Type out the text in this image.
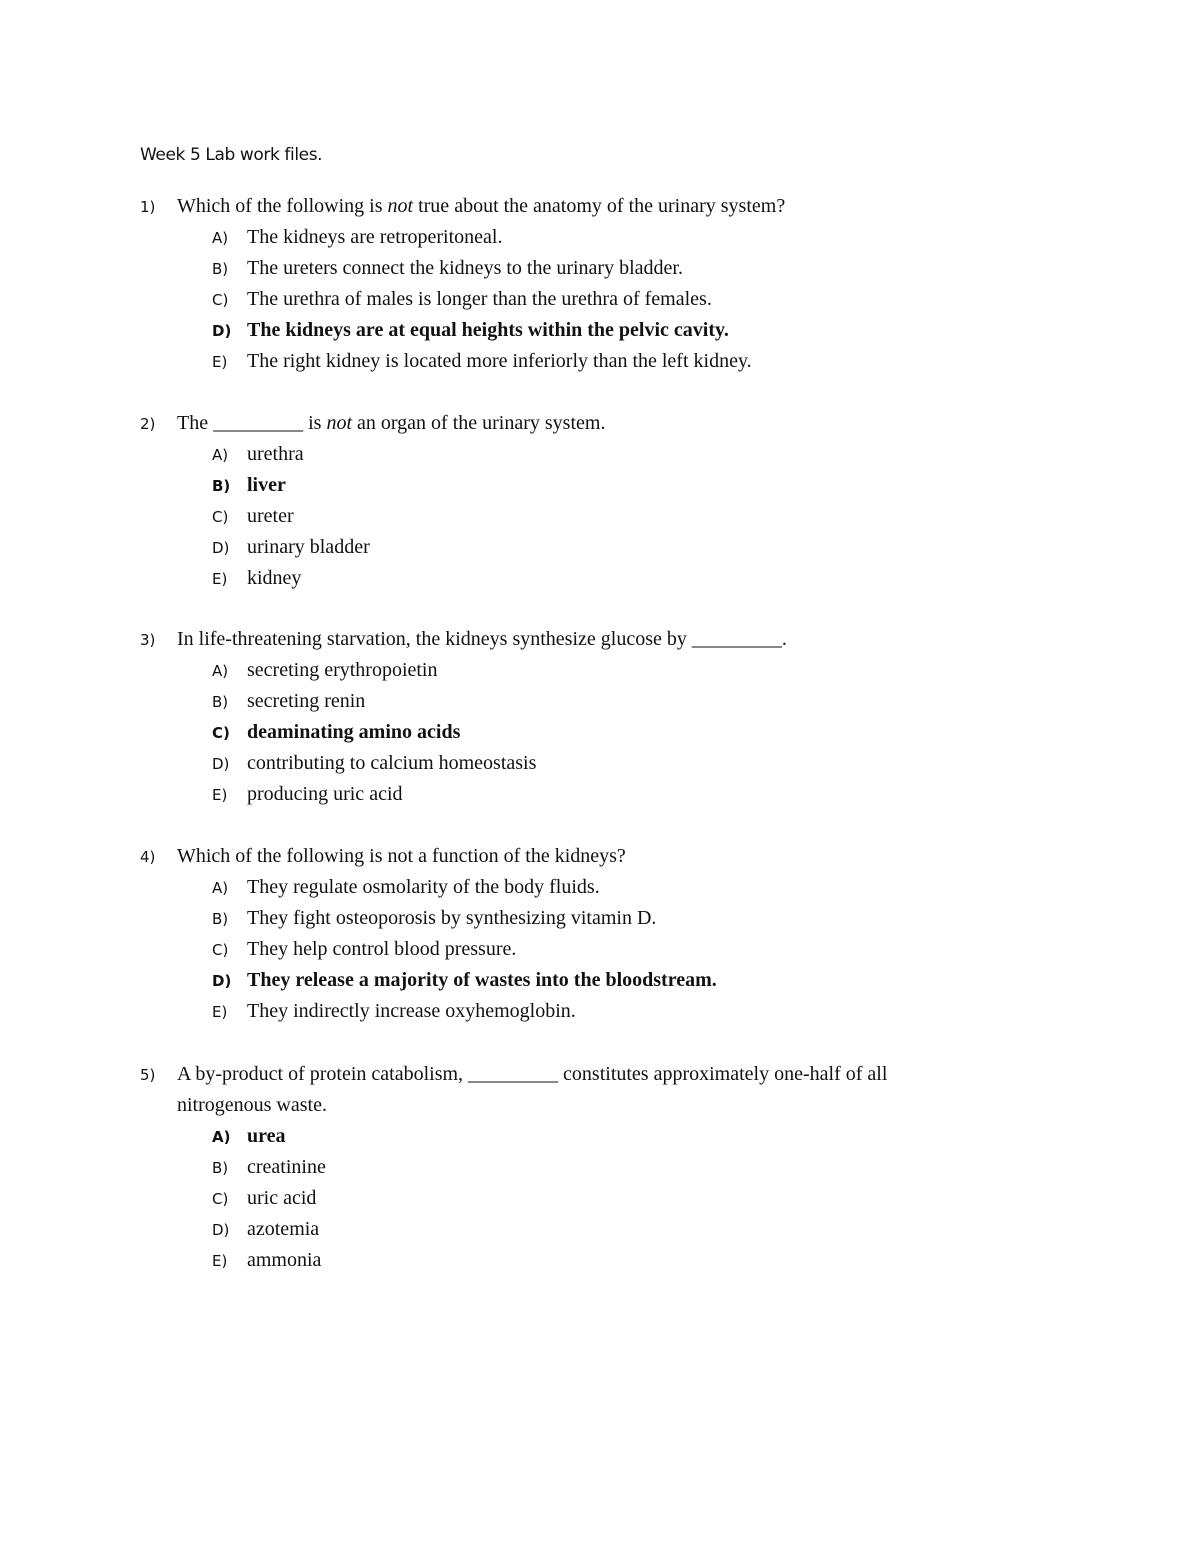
Week 5 Lab work files.
1) Which of the following is not true about the anatomy of the urinary system?
A) The kidneys are retroperitoneal.
B) The ureters connect the kidneys to the urinary bladder.
C) The urethra of males is longer than the urethra of females.
D) The kidneys are at equal heights within the pelvic cavity.
E) The right kidney is located more inferiorly than the left kidney.
2) The _________ is not an organ of the urinary system.
A) urethra
B) liver
C) ureter
D) urinary bladder
E) kidney
3) In life-threatening starvation, the kidneys synthesize glucose by _________.
A) secreting erythropoietin
B) secreting renin
C) deaminating amino acids
D) contributing to calcium homeostasis
E) producing uric acid
4) Which of the following is not a function of the kidneys?
A) They regulate osmolarity of the body fluids.
B) They fight osteoporosis by synthesizing vitamin D.
C) They help control blood pressure.
D) They release a majority of wastes into the bloodstream.
E) They indirectly increase oxyhemoglobin.
5) A by-product of protein catabolism, _________ constitutes approximately one-half of all
nitrogenous waste.
A) urea
B) creatinine
C) uric acid
D) azotemia
E) ammonia
